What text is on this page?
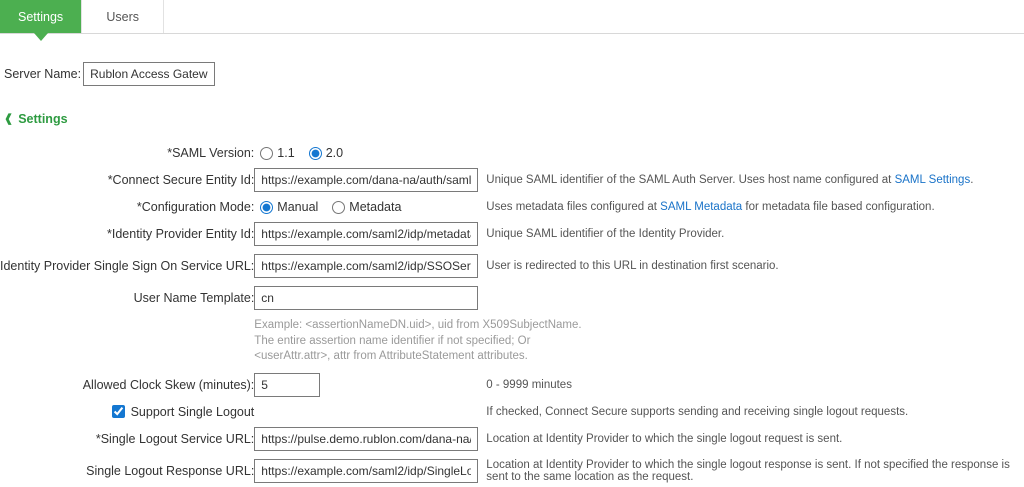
Settings	Users
Server Name:
Rublon Access Gateway
❰ Settings
*SAML Version:	1.1 2.0	

*Connect Secure Entity Id:	https://example.com/dana-na/auth/saml-endpoint.c	Unique SAML identifier of the SAML Auth Server. Uses host name configured at SAML Settings.
*Configuration Mode:	Manual Metadata	Uses metadata files configured at SAML Metadata for metadata file based configuration.
*Identity Provider Entity Id:	https://example.com/saml2/idp/metadata.php	Unique SAML identifier of the Identity Provider.
Identity Provider Single Sign On Service URL:	https://example.com/saml2/idp/SSOService.php	User is redirected to this URL in destination first scenario.
User Name Template:	cn	

	Example: <assertionNameDN.uid>, uid from X509SubjectName.
The entire assertion name identifier if not specified; Or
<userAttr.attr>, attr from AttributeStatement attributes.	

Allowed Clock Skew (minutes):	5	0 - 9999 minutes

Support Single Logout		If checked, Connect Secure supports sending and receiving single logout requests.
*Single Logout Service URL:	https://pulse.demo.rublon.com/dana-na/auth/saml-	Location at Identity Provider to which the single logout request is sent.
Single Logout Response URL:	https://example.com/saml2/idp/SingleLogoutServic	Location at Identity Provider to which the single logout response is sent. If not specified the response is sent to the same location as the request.
